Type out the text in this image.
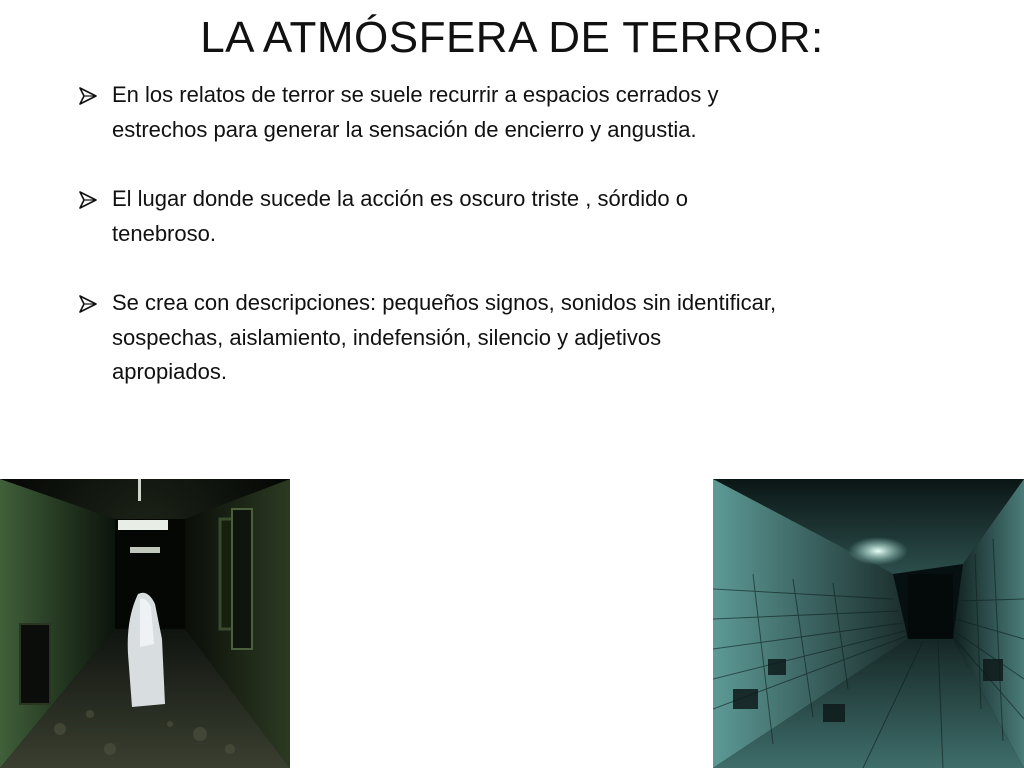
LA ATMÓSFERA DE TERROR:
En los relatos de terror se suele recurrir a espacios cerrados y estrechos para generar la sensación de encierro y angustia.
El lugar donde sucede la acción es oscuro triste , sórdido o tenebroso.
Se crea con descripciones: pequeños signos, sonidos sin identificar, sospechas, aislamiento, indefensión, silencio y adjetivos apropiados.
